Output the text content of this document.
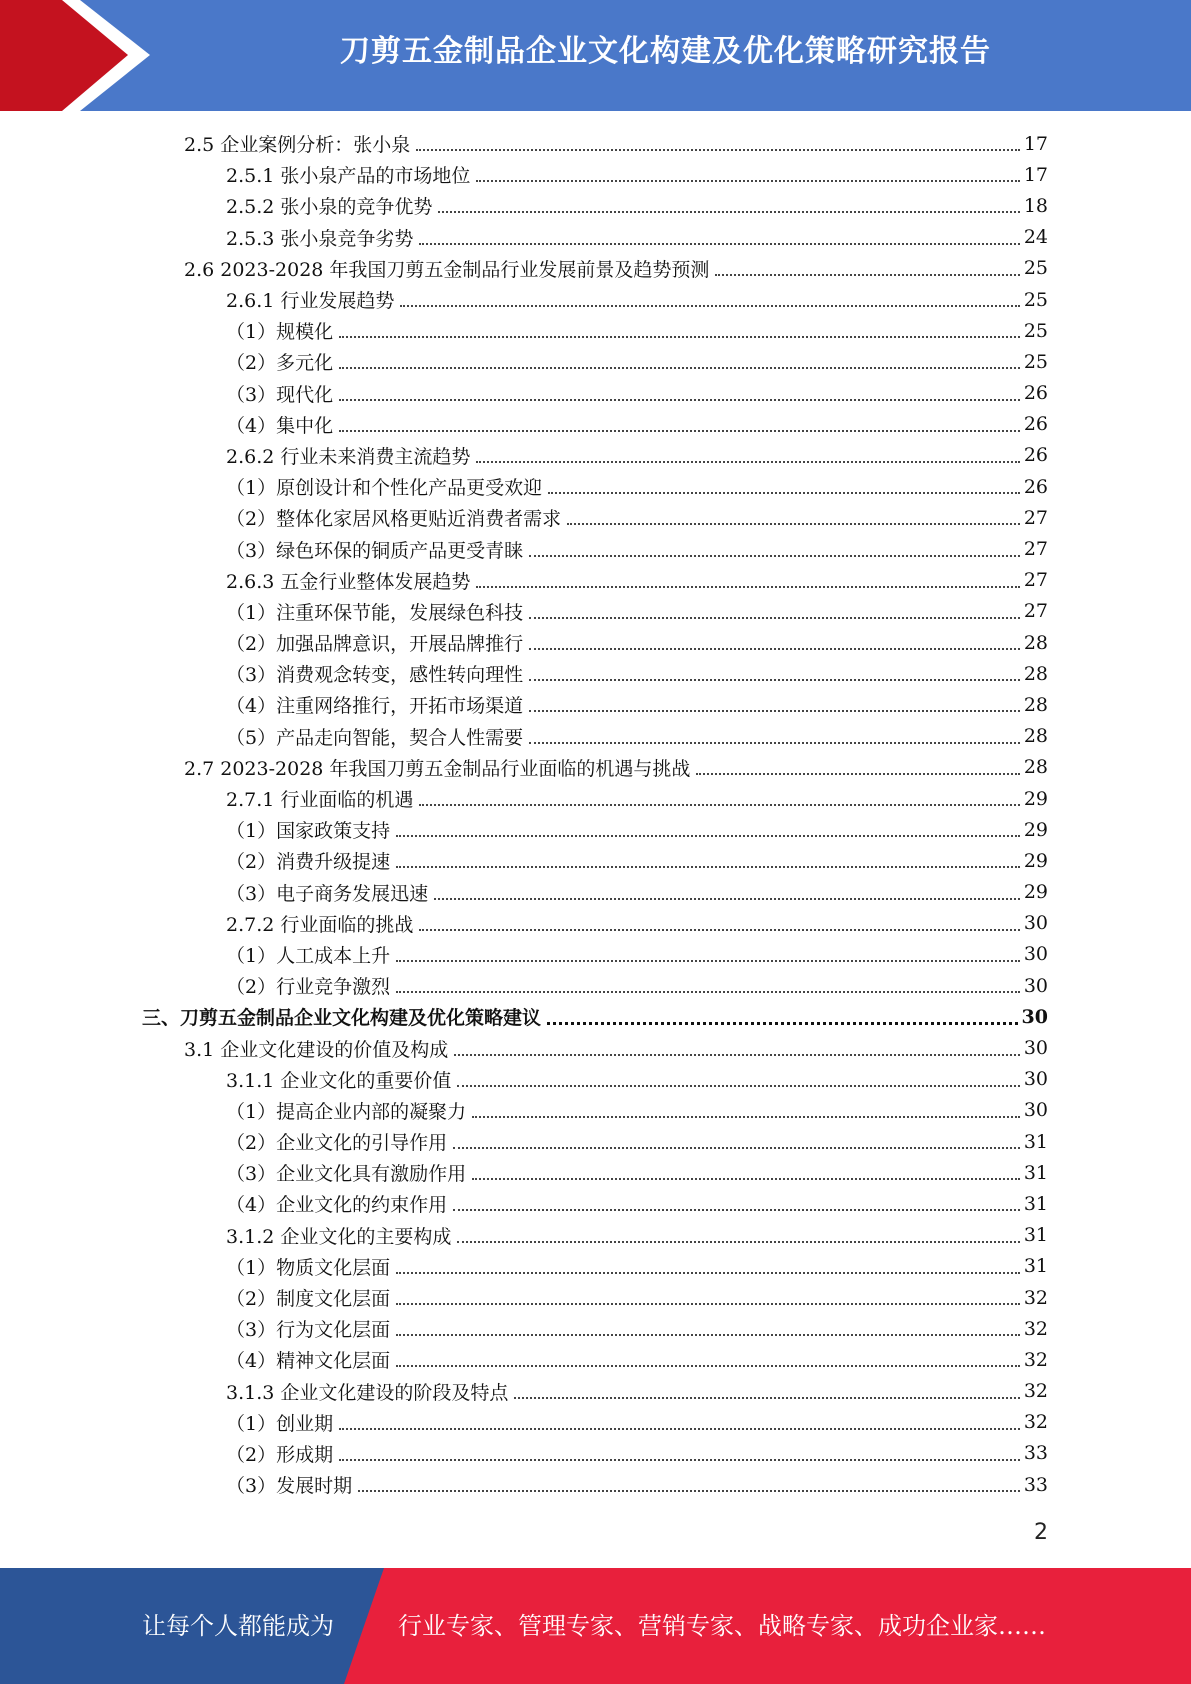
刀剪五金制品企业文化构建及优化策略研究报告
2.5 企业案例分析：张小泉	17
2.5.1 张小泉产品的市场地位	17
2.5.2 张小泉的竞争优势	18
2.5.3 张小泉竞争劣势	24
2.6 2023-2028 年我国刀剪五金制品行业发展前景及趋势预测	25
2.6.1 行业发展趋势	25
（1）规模化	25
（2）多元化	25
（3）现代化	26
（4）集中化	26
2.6.2 行业未来消费主流趋势	26
（1）原创设计和个性化产品更受欢迎	26
（2）整体化家居风格更贴近消费者需求	27
（3）绿色环保的铜质产品更受青睐	27
2.6.3 五金行业整体发展趋势	27
（1）注重环保节能，发展绿色科技	27
（2）加强品牌意识，开展品牌推行	28
（3）消费观念转变，感性转向理性	28
（4）注重网络推行，开拓市场渠道	28
（5）产品走向智能，契合人性需要	28
2.7 2023-2028 年我国刀剪五金制品行业面临的机遇与挑战	28
2.7.1 行业面临的机遇	29
（1）国家政策支持	29
（2）消费升级提速	29
（3）电子商务发展迅速	29
2.7.2 行业面临的挑战	30
（1）人工成本上升	30
（2）行业竞争激烈	30
三、刀剪五金制品企业文化构建及优化策略建议	30
3.1 企业文化建设的价值及构成	30
3.1.1 企业文化的重要价值	30
（1）提高企业内部的凝聚力	30
（2）企业文化的引导作用	31
（3）企业文化具有激励作用	31
（4）企业文化的约束作用	31
3.1.2 企业文化的主要构成	31
（1）物质文化层面	31
（2）制度文化层面	32
（3）行为文化层面	32
（4）精神文化层面	32
3.1.3 企业文化建设的阶段及特点	32
（1）创业期	32
（2）形成期	33
（3）发展时期	33
2
让每个人都能成为	行业专家、管理专家、营销专家、战略专家、成功企业家……
